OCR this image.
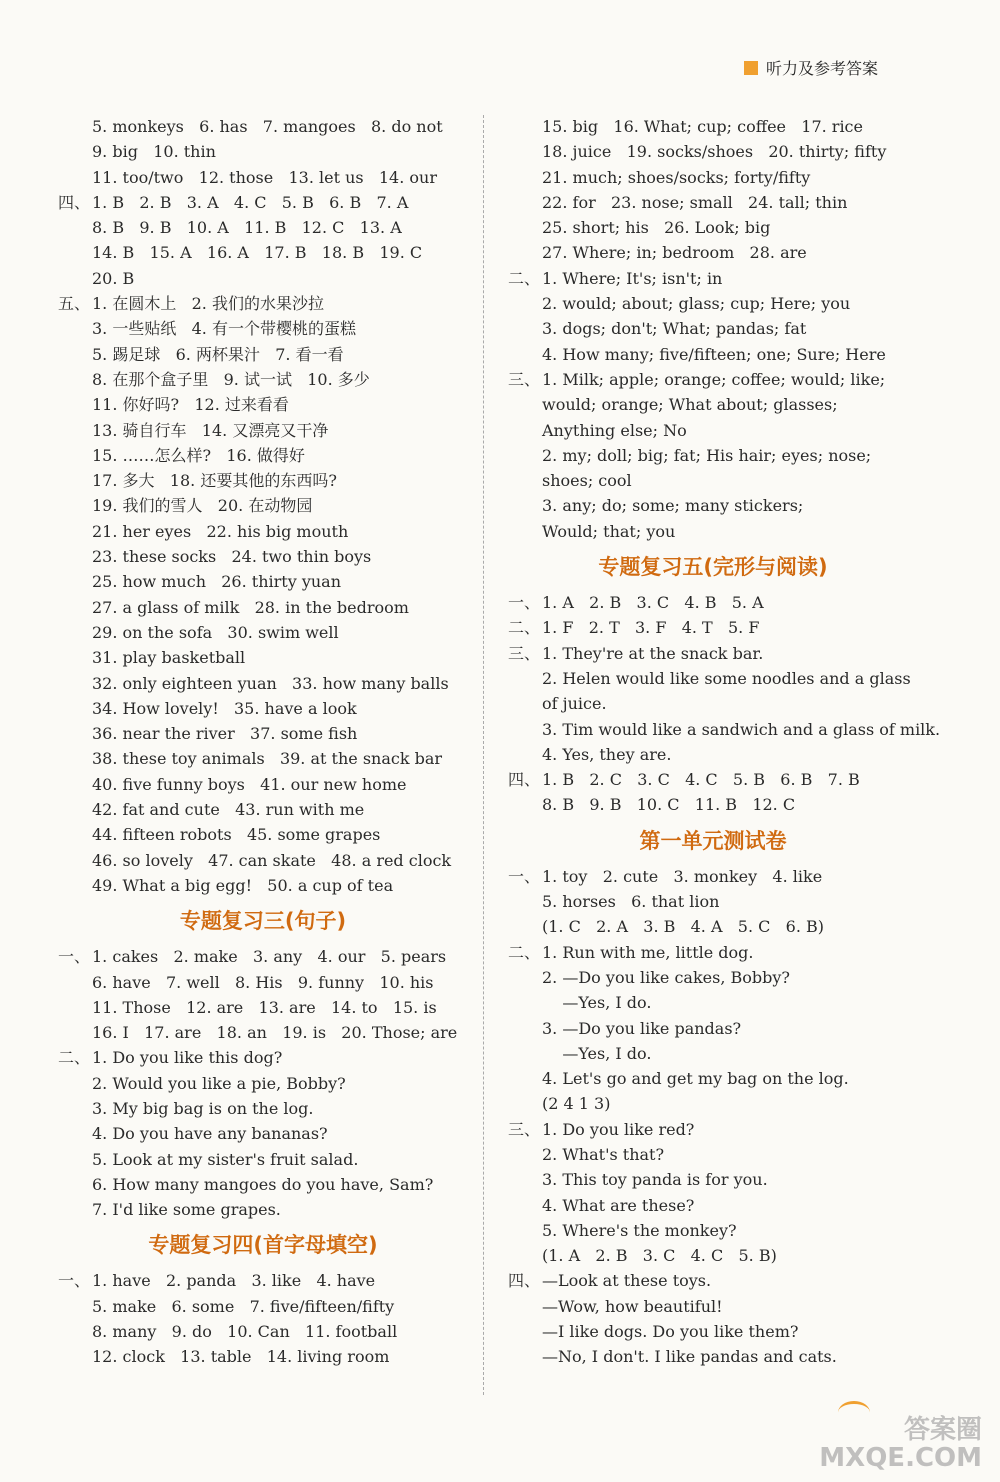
听力及参考答案
5. monkeys   6. has   7. mangoes   8. do not
9. big   10. thin
11. too/two   12. those   13. let us   14. our
四、 1. B   2. B   3. A   4. C   5. B   6. B   7. A
8. B   9. B   10. A   11. B   12. C   13. A
14. B   15. A   16. A   17. B   18. B   19. C
20. B
五、 1. 在圆木上   2. 我们的水果沙拉
3. 一些贴纸   4. 有一个带樱桃的蛋糕
5. 踢足球   6. 两杯果汁   7. 看一看
8. 在那个盒子里   9. 试一试   10. 多少
11. 你好吗?   12. 过来看看
13. 骑自行车   14. 又漂亮又干净
15. ……怎么样?   16. 做得好
17. 多大   18. 还要其他的东西吗?
19. 我们的雪人   20. 在动物园
21. her eyes   22. his big mouth
23. these socks   24. two thin boys
25. how much   26. thirty yuan
27. a glass of milk   28. in the bedroom
29. on the sofa   30. swim well
31. play basketball
32. only eighteen yuan   33. how many balls
34. How lovely!   35. have a look
36. near the river   37. some fish
38. these toy animals   39. at the snack bar
40. five funny boys   41. our new home
42. fat and cute   43. run with me
44. fifteen robots   45. some grapes
46. so lovely   47. can skate   48. a red clock
49. What a big egg!   50. a cup of tea
专题复习三(句子)
一、 1. cakes   2. make   3. any   4. our   5. pears
6. have   7. well   8. His   9. funny   10. his
11. Those   12. are   13. are   14. to   15. is
16. I   17. are   18. an   19. is   20. Those; are
二、 1. Do you like this dog?
2. Would you like a pie, Bobby?
3. My big bag is on the log.
4. Do you have any bananas?
5. Look at my sister's fruit salad.
6. How many mangoes do you have, Sam?
7. I'd like some grapes.
专题复习四(首字母填空)
一、 1. have   2. panda   3. like   4. have
5. make   6. some   7. five/fifteen/fifty
8. many   9. do   10. Can   11. football
12. clock   13. table   14. living room
15. big   16. What; cup; coffee   17. rice
18. juice   19. socks/shoes   20. thirty; fifty
21. much; shoes/socks; forty/fifty
22. for   23. nose; small   24. tall; thin
25. short; his   26. Look; big
27. Where; in; bedroom   28. are
二、 1. Where; It's; isn't; in
2. would; about; glass; cup; Here; you
3. dogs; don't; What; pandas; fat
4. How many; five/fifteen; one; Sure; Here
三、 1. Milk; apple; orange; coffee; would; like;
would; orange; What about; glasses;
Anything else; No
2. my; doll; big; fat; His hair; eyes; nose;
shoes; cool
3. any; do; some; many stickers;
Would; that; you
专题复习五(完形与阅读)
一、 1. A   2. B   3. C   4. B   5. A
二、 1. F   2. T   3. F   4. T   5. F
三、 1. They're at the snack bar.
2. Helen would like some noodles and a glass
of juice.
3. Tim would like a sandwich and a glass of milk.
4. Yes, they are.
四、 1. B   2. C   3. C   4. C   5. B   6. B   7. B
8. B   9. B   10. C   11. B   12. C
第一单元测试卷
一、 1. toy   2. cute   3. monkey   4. like
5. horses   6. that lion
(1. C   2. A   3. B   4. A   5. C   6. B)
二、 1. Run with me, little dog.
2. —Do you like cakes, Bobby?
—Yes, I do.
3. —Do you like pandas?
—Yes, I do.
4. Let's go and get my bag on the log.
(2 4 1 3)
三、 1. Do you like red?
2. What's that?
3. This toy panda is for you.
4. What are these?
5. Where's the monkey?
(1. A   2. B   3. C   4. C   5. B)
四、 —Look at these toys.
—Wow, how beautiful!
—I like dogs. Do you like them?
—No, I don't. I like pandas and cats.
答案圈
MXQE.COM
